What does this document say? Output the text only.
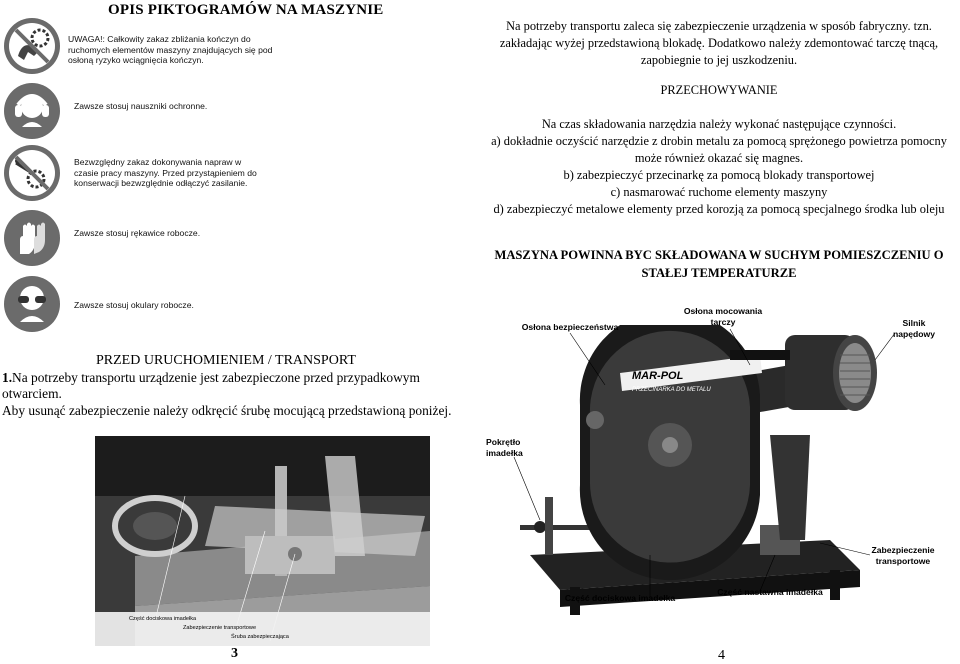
OPIS PIKTOGRAMÓW NA MASZYNIE
UWAGA!: Całkowity zakaz zbliżania kończyn do ruchomych elementów maszyny znajdujących się pod osłoną ryzyko wciągnięcia kończyn.
Zawsze stosuj nauszniki ochronne.
Bezwzględny zakaz dokonywania napraw w czasie pracy maszyny. Przed przystąpieniem do konserwacji bezwzględnie odłączyć zasilanie.
Zawsze stosuj rękawice robocze.
Zawsze stosuj okulary robocze.
PRZED URUCHOMIENIEM / TRANSPORT
1.Na potrzeby transportu urządzenie jest zabezpieczone przed przypadkowym otwarciem.
Aby usunąć zabezpieczenie należy odkręcić śrubę mocującą przedstawioną poniżej.
Część dociskowa imadełka
Zabezpieczenie transportowe
Śruba zabezpieczająca
3
Na potrzeby transportu zaleca się zabezpieczenie urządzenia w sposób fabryczny. tzn. zakładając wyżej przedstawioną blokadę. Dodatkowo należy zdemontować tarczę tnącą, zapobiegnie to jej uszkodzeniu.
PRZECHOWYWANIE
Na czas składowania narzędzia należy wykonać następujące czynności.
a) dokładnie oczyścić narzędzie z drobin metalu za pomocą sprężonego powietrza pomocny może również okazać się magnes.
b) zabezpieczyć przecinarkę za pomocą blokady transportowej
c) nasmarować ruchome elementy maszyny
d) zabezpieczyć metalowe elementy przed korozją za pomocą specjalnego środka lub oleju
MASZYNA POWINNA BYC SKŁADOWANA W SUCHYM POMIESZCZENIU O STAŁEJ TEMPERATURZE
MAR-POL
PRZECINARKA DO METALU
Osłona bezpieczeństwa
Osłona mocowania tarczy	Silnik napędowy
Pokrętło imadełka
Zabezpieczenie transportowe
Część dociskowa imadełka
Część nastawna imadełka
4
